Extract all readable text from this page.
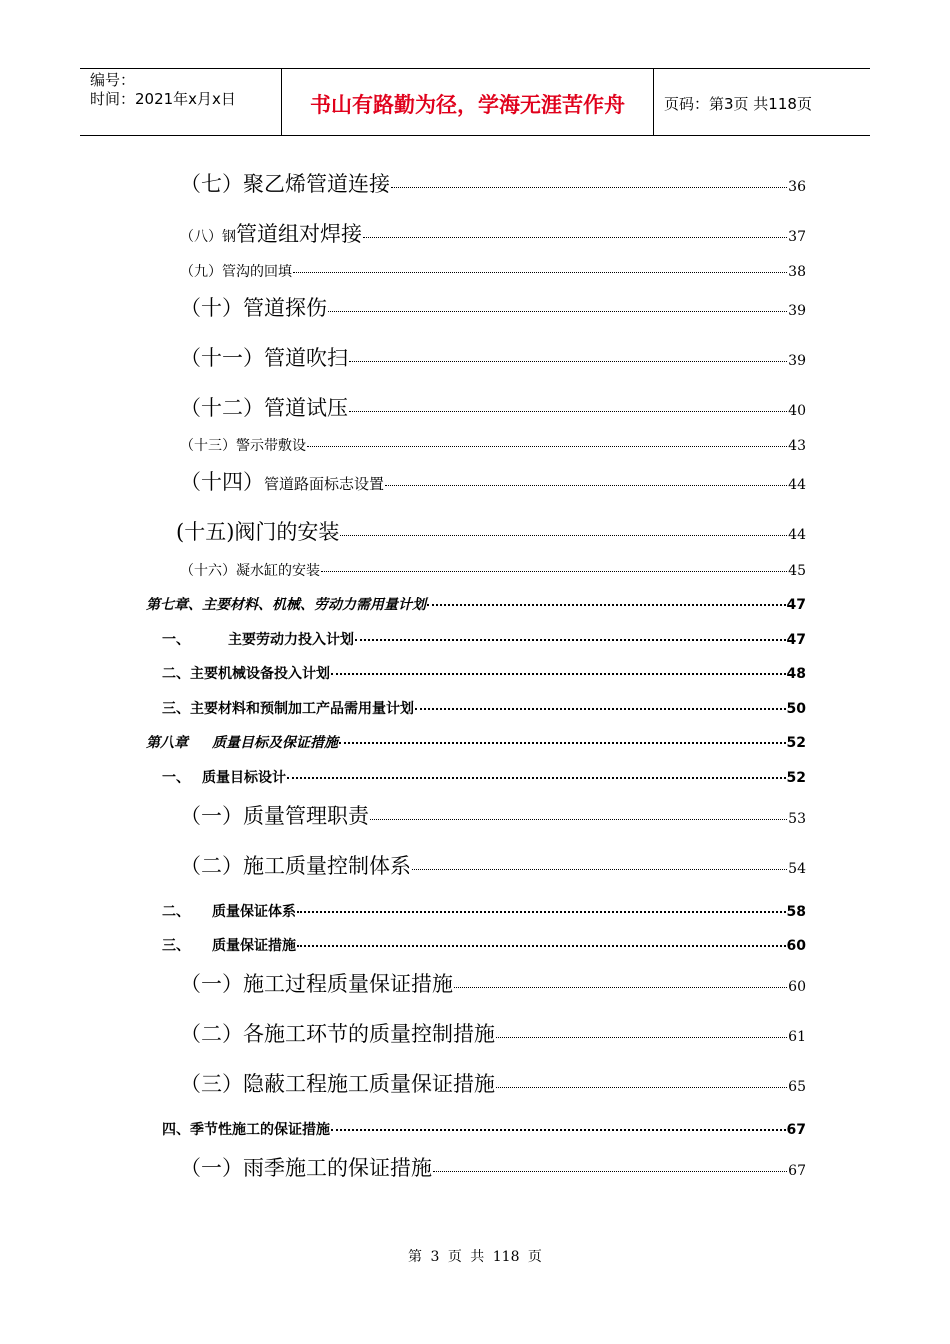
编号：
时间：2021年x月x日	书山有路勤为径，学海无涯苦作舟	页码：第3页 共118页
（七）聚乙烯管道连接	36
（八）钢管道组对焊接	37
（九）管沟的回填	38
（十）管道探伤	39
（十一）管道吹扫	39
（十二）管道试压	40
（十三）警示带敷设	43
（十四）管道路面标志设置	44
(十五)阀门的安装	44
（十六）凝水缸的安装	45
第七章、主要材料、机械、劳动力需用量计划	47
一、	主要劳动力投入计划	47
二、主要机械设备投入计划	48
三、主要材料和预制加工产品需用量计划	50
第八章 质量目标及保证措施	52
一、 质量目标设计	52
（一）质量管理职责	53
（二）施工质量控制体系	54
二、 质量保证体系	58
三、 质量保证措施	60
（一）施工过程质量保证措施	60
（二）各施工环节的质量控制措施	61
（三）隐蔽工程施工质量保证措施	65
四、季节性施工的保证措施	67
（一）雨季施工的保证措施	67
第 3 页 共 118 页
